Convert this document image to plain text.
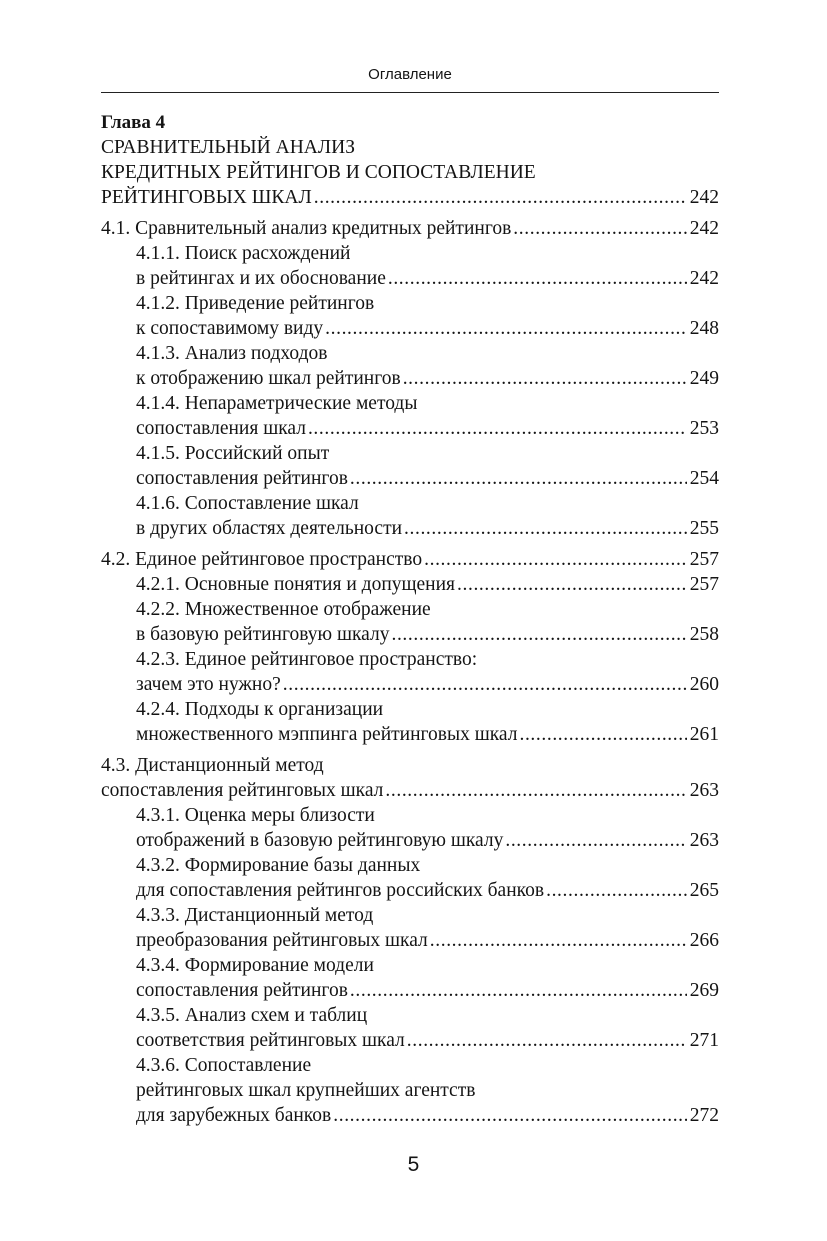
Оглавление
Глава 4
СРАВНИТЕЛЬНЫЙ АНАЛИЗ
КРЕДИТНЫХ РЕЙТИНГОВ И СОПОСТАВЛЕНИЕ
РЕЙТИНГОВЫХ ШКАЛ .....	242
4.1. Сравнительный анализ кредитных рейтингов .....	242
4.1.1. Поиск расхождений
в рейтингах и их обоснование .....	242
4.1.2. Приведение рейтингов
к сопоставимому виду .....	248
4.1.3. Анализ подходов
к отображению шкал рейтингов .....	249
4.1.4. Непараметрические методы
сопоставления шкал .....	253
4.1.5. Российский опыт
сопоставления рейтингов .....	254
4.1.6. Сопоставление шкал
в других областях деятельности .....	255
4.2. Единое рейтинговое пространство .....	257
4.2.1. Основные понятия и допущения .....	257
4.2.2. Множественное отображение
в базовую рейтинговую шкалу .....	258
4.2.3. Единое рейтинговое пространство:
зачем это нужно? .....	260
4.2.4. Подходы к организации
множественного мэппинга рейтинговых шкал .....	261
4.3. Дистанционный метод
сопоставления рейтинговых шкал .....	263
4.3.1. Оценка меры близости
отображений в базовую рейтинговую шкалу .....	263
4.3.2. Формирование базы данных
для сопоставления рейтингов российских банков .....	265
4.3.3. Дистанционный метод
преобразования рейтинговых шкал .....	266
4.3.4. Формирование модели
сопоставления рейтингов .....	269
4.3.5. Анализ схем и таблиц
соответствия рейтинговых шкал .....	271
4.3.6. Сопоставление
рейтинговых шкал крупнейших агентств
для зарубежных банков .....	272
5
